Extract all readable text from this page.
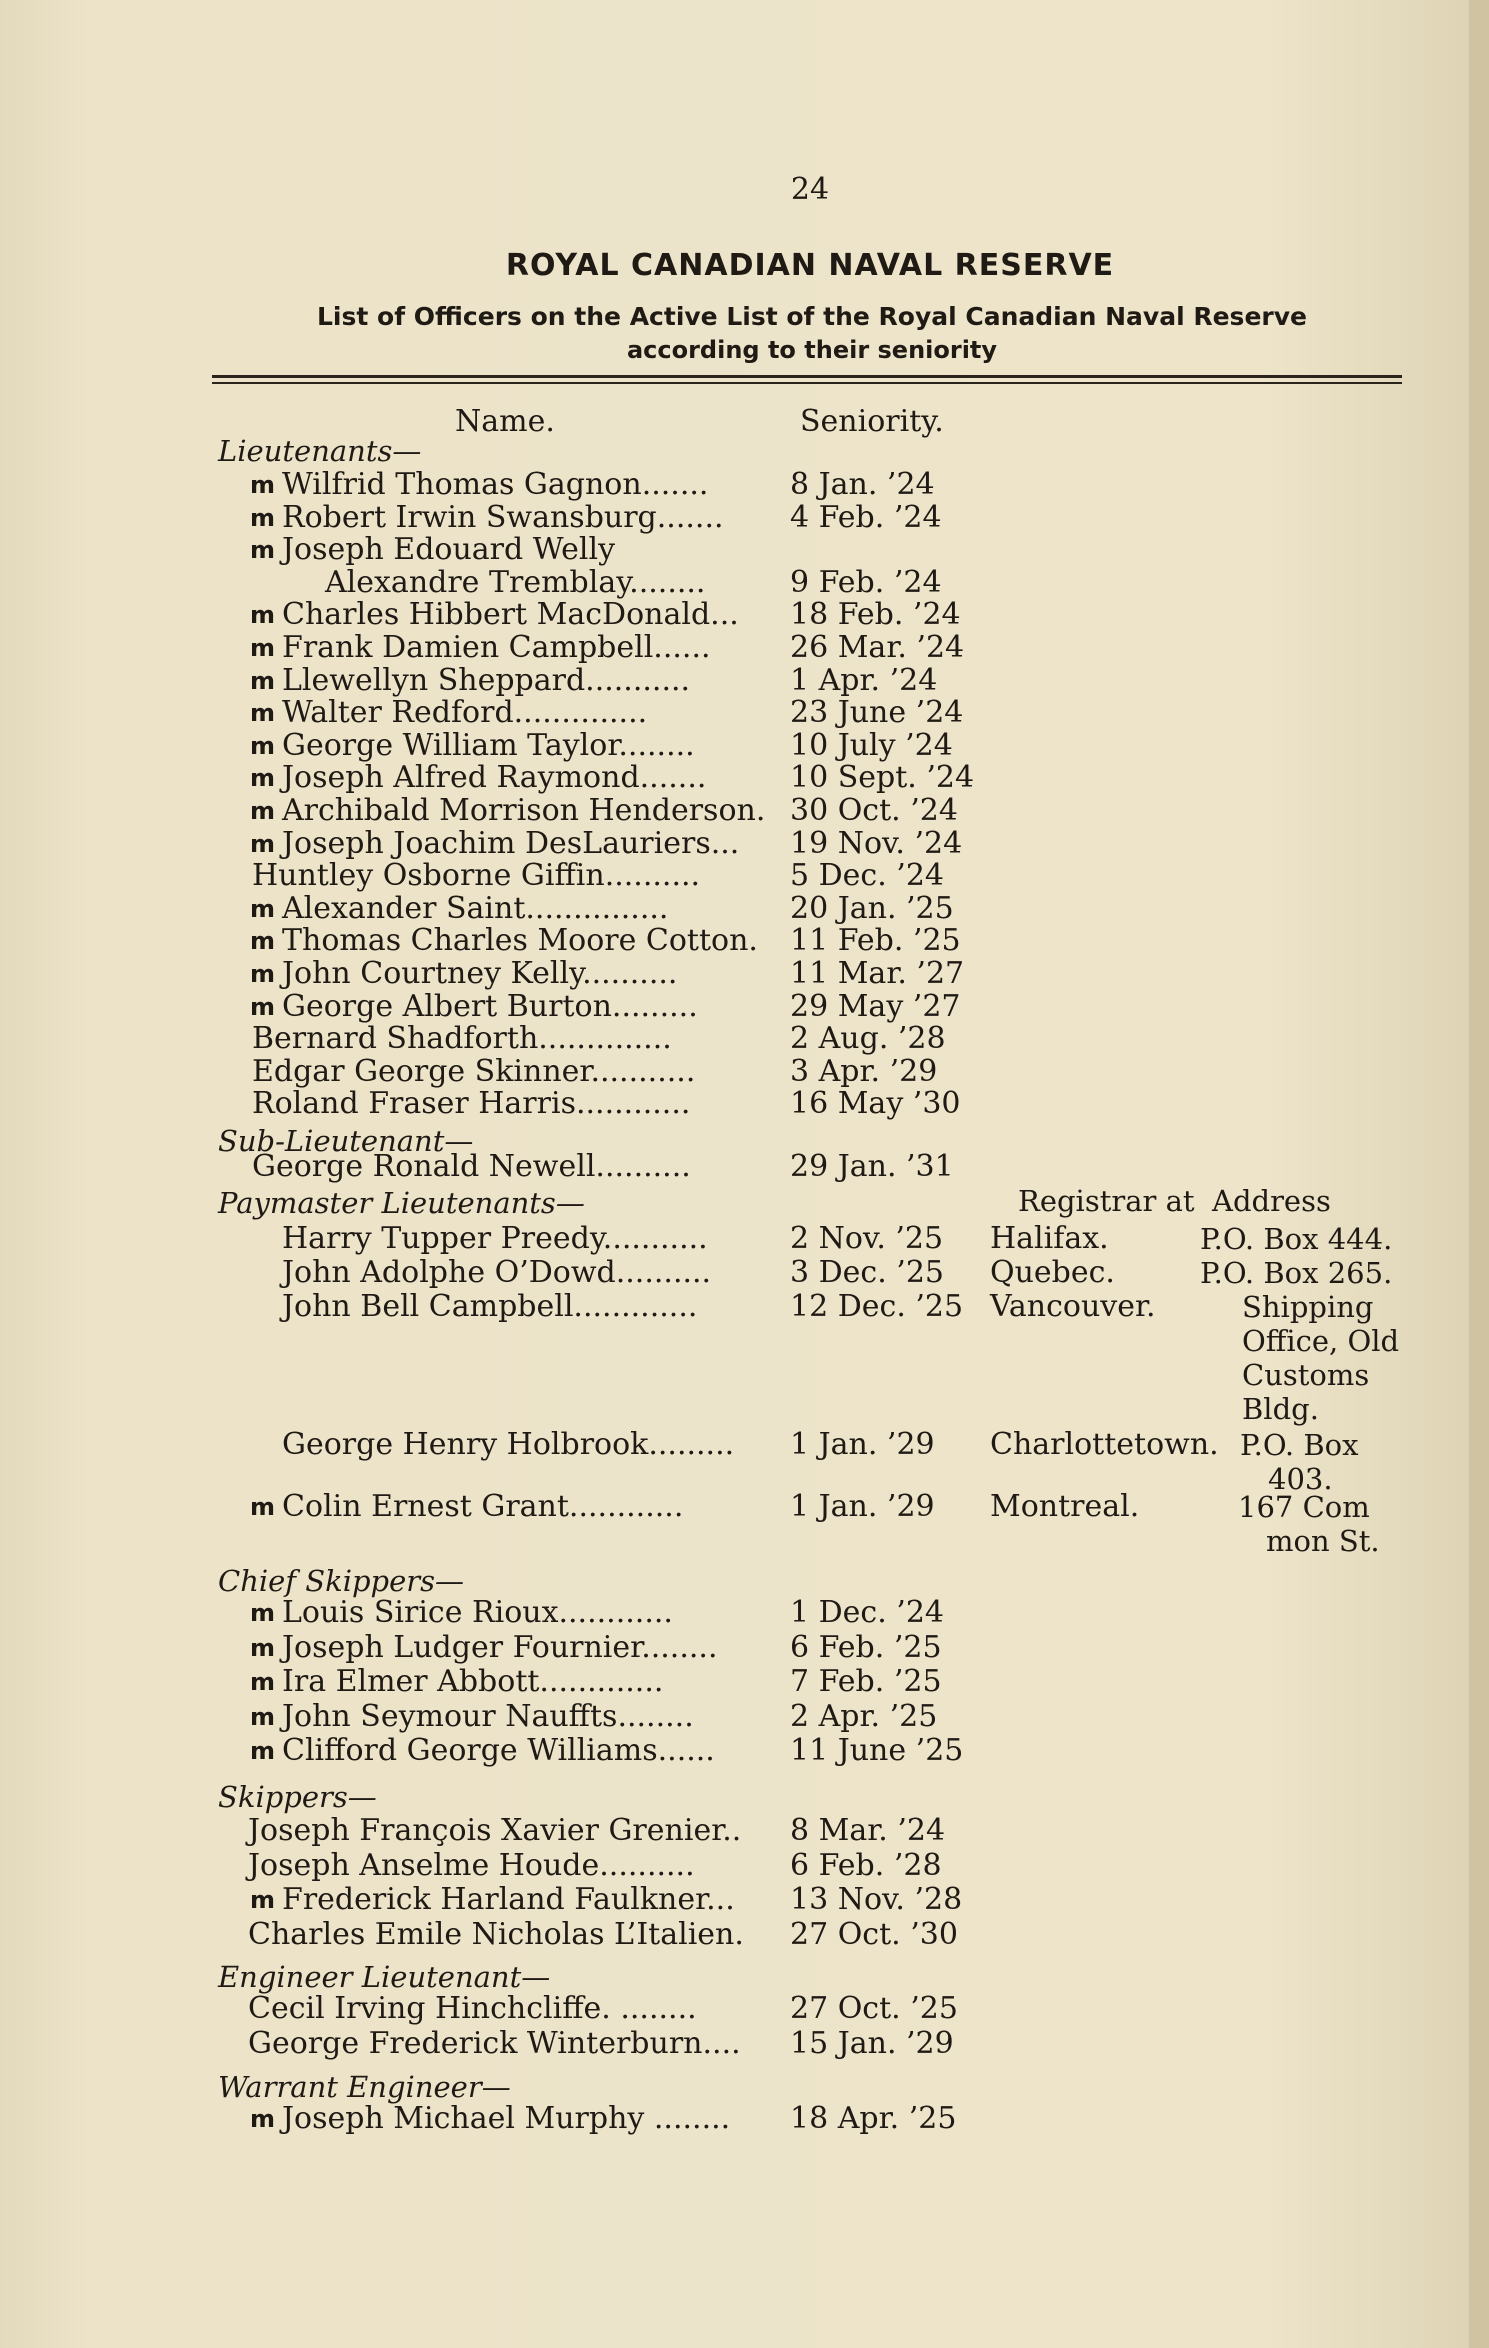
24
ROYAL CANADIAN NAVAL RESERVE
List of Officers on the Active List of the Royal Canadian Naval Reserve
according to their seniority
Name.	Seniority.
Lieutenants—
m Wilfrid Thomas Gagnon.......	8 Jan. ’24
m Robert Irwin Swansburg....... 4 Feb. ’24
m Joseph Edouard Welly
Alexandre Tremblay........	9 Feb. ’24
m Charles Hibbert MacDonald... 18 Feb. ’24
m Frank Damien Campbell......	26 Mar. ’24
m Llewellyn Sheppard...........	1 Apr. ’24
m Walter Redford..............	23 June ’24
m George William Taylor........	10 July ’24
m Joseph Alfred Raymond.......	10 Sept. ’24
m Archibald Morrison Henderson. 30 Oct. ’24
m Joseph Joachim DesLauriers... 19 Nov. ’24
Huntley Osborne Giffin..........	5 Dec. ’24
m Alexander Saint...............	20 Jan. ’25
m Thomas Charles Moore Cotton. 11 Feb. ’25
m John Courtney Kelly..........	11 Mar. ’27
m George Albert Burton.........	29 May ’27
Bernard Shadforth..............	2 Aug. ’28
Edgar George Skinner...........	3 Apr. ’29
Roland Fraser Harris............	16 May ’30
Sub-Lieutenant—
George Ronald Newell..........	29 Jan. ’31
Paymaster Lieutenants—	Registrar at Address
Harry Tupper Preedy...........	2 Nov. ’25 Halifax.	P.O. Box 444.
John Adolphe O’Dowd..........	3 Dec. ’25 Quebec.	P.O. Box 265.
John Bell Campbell.............	12 Dec. ’25 Vancouver.	Shipping
Office, Old
Customs
Bldg.
George Henry Holbrook......... 1 Jan. ’29 Charlottetown. P.O. Box
403.
m Colin Ernest Grant............	1 Jan. ’29 Montreal.	167 Com
mon St.
Chief Skippers—
m Louis Sirice Rioux............	1 Dec. ’24
m Joseph Ludger Fournier........ 6 Feb. ’25
m Ira Elmer Abbott.............	7 Feb. ’25
m John Seymour Nauffts........	2 Apr. ’25
m Clifford George Williams......	11 June ’25
Skippers—
Joseph François Xavier Grenier.. 8 Mar. ’24
Joseph Anselme Houde..........	6 Feb. ’28
m Frederick Harland Faulkner... 13 Nov. ’28
Charles Emile Nicholas L’Italien. 27 Oct. ’30
Engineer Lieutenant—
Cecil Irving Hinchcliffe. ........	27 Oct. ’25
George Frederick Winterburn.... 15 Jan. ’29
Warrant Engineer—
m Joseph Michael Murphy ........ 18 Apr. ’25
